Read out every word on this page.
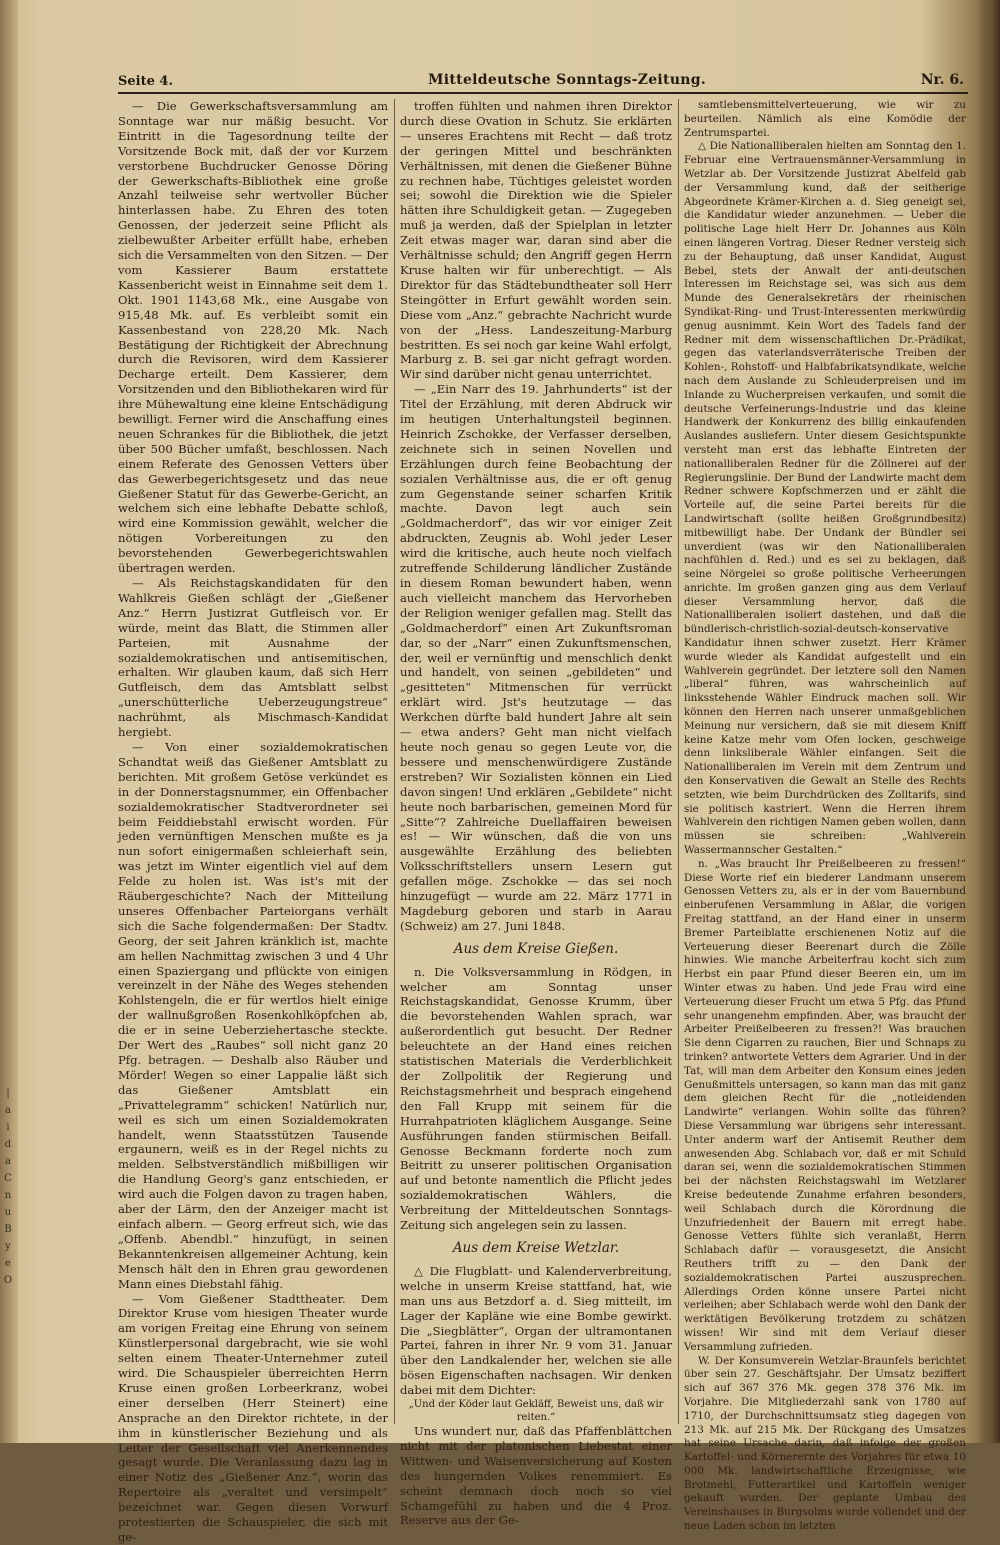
| a i d a C n u B y e O
Seite 4.	Mitteldeutsche Sonntags-Zeitung.	Nr. 6.

— Die Gewerkschaftsversammlung am Sonntage war nur mäßig besucht. Vor Eintritt in die Tagesordnung teilte der Vorsitzende Bock mit, daß der vor Kurzem verstorbene Buchdrucker Genosse Döring der Gewerkschafts-Bibliothek eine große Anzahl teilweise sehr wertvoller Bücher hinterlassen habe. Zu Ehren des toten Genossen, der jederzeit seine Pflicht als zielbewußter Arbeiter erfüllt habe, erheben sich die Versammelten von den Sitzen. — Der vom Kassierer Baum erstattete Kassenbericht weist in Einnahme seit dem 1. Okt. 1901 1143,68 Mk., eine Ausgabe von 915,48 Mk. auf. Es verbleibt somit ein Kassenbestand von 228,20 Mk. Nach Bestätigung der Richtigkeit der Abrechnung durch die Revisoren, wird dem Kassierer Decharge erteilt. Dem Kassierer, dem Vorsitzenden und den Bibliothekaren wird für ihre Mühewaltung eine kleine Entschädigung bewilligt. Ferner wird die Anschaffung eines neuen Schrankes für die Bibliothek, die jetzt über 500 Bücher umfaßt, beschlossen. Nach einem Referate des Genossen Vetters über das Gewerbegerichtsgesetz und das neue Gießener Statut für das Gewerbe-Gericht, an welchem sich eine lebhafte Debatte schloß, wird eine Kommission gewählt, welcher die nötigen Vorbereitungen zu den bevorstehenden Gewerbegerichtswahlen übertragen werden.

— Als Reichstagskandidaten für den Wahlkreis Gießen schlägt der „Gießener Anz.“ Herrn Justizrat Gutfleisch vor. Er würde, meint das Blatt, die Stimmen aller Parteien, mit Ausnahme der sozialdemokratischen und antisemitischen, erhalten. Wir glauben kaum, daß sich Herr Gutfleisch, dem das Amtsblatt selbst „unerschütterliche Ueberzeugungstreue“ nachrühmt, als Mischmasch-Kandidat hergiebt.

— Von einer sozialdemokratischen Schandtat weiß das Gießener Amtsblatt zu berichten. Mit großem Getöse verkündet es in der Donnerstagsnummer, ein Offenbacher sozialdemokratischer Stadtverordneter sei beim Feiddiebstahl erwischt worden. Für jeden vernünftigen Menschen mußte es ja nun sofort einigermaßen schleierhaft sein, was jetzt im Winter eigentlich viel auf dem Felde zu holen ist. Was ist's mit der Räubergeschichte? Nach der Mitteilung unseres Offenbacher Parteiorgans verhält sich die Sache folgendermaßen: Der Stadtv. Georg, der seit Jahren kränklich ist, machte am hellen Nachmittag zwischen 3 und 4 Uhr einen Spaziergang und pflückte von einigen vereinzelt in der Nähe des Weges stehenden Kohlstengeln, die er für wertlos hielt einige der wallnußgroßen Rosenkohlköpfchen ab, die er in seine Ueberziehertasche steckte. Der Wert des „Raubes“ soll nicht ganz 20 Pfg. betragen. — Deshalb also Räuber und Mörder! Wegen so einer Lappalie läßt sich das Gießener Amtsblatt ein „Privattelegramm“ schicken! Natürlich nur, weil es sich um einen Sozialdemokraten handelt, wenn Staatsstützen Tausende ergaunern, weiß es in der Regel nichts zu melden. Selbstverständlich mißbilligen wir die Handlung Georg's ganz entschieden, er wird auch die Folgen davon zu tragen haben, aber der Lärm, den der Anzeiger macht ist einfach albern. — Georg erfreut sich, wie das „Offenb. Abendbl.“ hinzufügt, in seinen Bekanntenkreisen allgemeiner Achtung, kein Mensch hält den in Ehren grau gewordenen Mann eines Diebstahl fähig.

— Vom Gießener Stadttheater. Dem Direktor Kruse vom hiesigen Theater wurde am vorigen Freitag eine Ehrung von seinem Künstlerpersonal dargebracht, wie sie wohl selten einem Theater-Unternehmer zuteil wird. Die Schauspieler überreichten Herrn Kruse einen großen Lorbeerkranz, wobei einer derselben (Herr Steinert) eine Ansprache an den Direktor richtete, in der ihm in künstlerischer Beziehung und als Leiter der Gesellschaft viel Anerkennendes gesagt wurde. Die Veranlassung dazu lag in einer Notiz des „Gießener Anz.“, worin das Repertoire als „veraltet und versimpelt“ bezeichnet war. Gegen diesen Vorwurf protestierten die Schauspieler, die sich mit ge-

troffen fühlten und nahmen ihren Direktor durch diese Ovation in Schutz. Sie erklärten — unseres Erachtens mit Recht — daß trotz der geringen Mittel und beschränkten Verhältnissen, mit denen die Gießener Bühne zu rechnen habe, Tüchtiges geleistet worden sei; sowohl die Direktion wie die Spieler hätten ihre Schuldigkeit getan. — Zugegeben muß ja werden, daß der Spielplan in letzter Zeit etwas mager war, daran sind aber die Verhältnisse schuld; den Angriff gegen Herrn Kruse halten wir für unberechtigt. — Als Direktor für das Städtebundtheater soll Herr Steingötter in Erfurt gewählt worden sein. Diese vom „Anz.“ gebrachte Nachricht wurde von der „Hess. Landeszeitung-Marburg bestritten. Es sei noch gar keine Wahl erfolgt, Marburg z. B. sei gar nicht gefragt worden. Wir sind darüber nicht genau unterrichtet.

— „Ein Narr des 19. Jahrhunderts“ ist der Titel der Erzählung, mit deren Abdruck wir im heutigen Unterhaltungsteil beginnen. Heinrich Zschokke, der Verfasser derselben, zeichnete sich in seinen Novellen und Erzählungen durch feine Beobachtung der sozialen Verhältnisse aus, die er oft genug zum Gegenstande seiner scharfen Kritik machte. Davon legt auch sein „Goldmacherdorf“, das wir vor einiger Zeit abdruckten, Zeugnis ab. Wohl jeder Leser wird die kritische, auch heute noch vielfach zutreffende Schilderung ländlicher Zustände in diesem Roman bewundert haben, wenn auch vielleicht manchem das Hervorheben der Religion weniger gefallen mag. Stellt das „Goldmacherdorf“ einen Art Zukunftsroman dar, so der „Narr“ einen Zukunftsmenschen, der, weil er vernünftig und menschlich denkt und handelt, von seinen „gebildeten“ und „gesitteten“ Mitmenschen für verrückt erklärt wird. Jst's heutzutage — das Werkchen dürfte bald hundert Jahre alt sein — etwa anders? Geht man nicht vielfach heute noch genau so gegen Leute vor, die bessere und menschenwürdigere Zustände erstreben? Wir Sozialisten können ein Lied davon singen! Und erklären „Gebildete“ nicht heute noch barbarischen, gemeinen Mord für „Sitte“? Zahlreiche Duellaffairen beweisen es! — Wir wünschen, daß die von uns ausgewählte Erzählung des beliebten Volksschriftstellers unsern Lesern gut gefallen möge. Zschokke — das sei noch hinzugefügt — wurde am 22. März 1771 in Magdeburg geboren und starb in Aarau (Schweiz) am 27. Juni 1848.

Aus dem Kreise Gießen.

n. Die Volksversammlung in Rödgen, in welcher am Sonntag unser Reichstagskandidat, Genosse Krumm, über die bevorstehenden Wahlen sprach, war außerordentlich gut besucht. Der Redner beleuchtete an der Hand eines reichen statistischen Materials die Verderblichkeit der Zollpolitik der Regierung und Reichstagsmehrheit und besprach eingehend den Fall Krupp mit seinem für die Hurrahpatrioten kläglichem Ausgange. Seine Ausführungen fanden stürmischen Beifall. Genosse Beckmann forderte noch zum Beitritt zu unserer politischen Organisation auf und betonte namentlich die Pflicht jedes sozialdemokratischen Wählers, die Verbreitung der Mitteldeutschen Sonntags-Zeitung sich angelegen sein zu lassen.

Aus dem Kreise Wetzlar.

△ Die Flugblatt- und Kalenderverbreitung, welche in unserm Kreise stattfand, hat, wie man uns aus Betzdorf a. d. Sieg mitteilt, im Lager der Kapläne wie eine Bombe gewirkt. Die „Siegblätter“, Organ der ultramontanen Partei, fahren in ihrer Nr. 9 vom 31. Januar über den Landkalender her, welchen sie alle bösen Eigenschaften nachsagen. Wir denken dabei mit dem Dichter:

„Und der Köder laut Gekläff, Beweist uns, daß wir reiten.“

Uns wundert nur, daß das Pfaffenblättchen nicht mit der platonischen Liebestat einer Wittwen- und Waisenversicherung auf Kosten des hungernden Volkes renommiert. Es scheint demnach doch noch so viel Schamgefühl zu haben und die 4 Proz. Reserve aus der Ge-

samtlebensmittelverteuerung, wie wir zu beurteilen. Nämlich als eine Komödie der Zentrumspartei.

△ Die Nationalliberalen hielten am Sonntag den 1. Februar eine Vertrauensmänner-Versammlung in Wetzlar ab. Der Vorsitzende Justizrat Abelfeld gab der Versammlung kund, daß der seitherige Abgeordnete Krämer-Kirchen a. d. Sieg geneigt sei, die Kandidatur wieder anzunehmen. — Ueber die politische Lage hielt Herr Dr. Johannes aus Köln einen längeren Vortrag. Dieser Redner versteig sich zu der Behauptung, daß unser Kandidat, August Bebel, stets der Anwalt der anti-deutschen Interessen im Reichstage sei, was sich aus dem Munde des Generalsekretärs der rheinischen Syndikat-Ring- und Trust-Interessenten merkwürdig genug ausnimmt. Kein Wort des Tadels fand der Redner mit dem wissenschaftlichen Dr.-Prädikat, gegen das vaterlandsverräterische Treiben der Kohlen-, Rohstoff- und Halbfabrikatsyndikate, welche nach dem Auslande zu Schleuderpreisen und im Inlande zu Wucherpreisen verkaufen, und somit die deutsche Verfeinerungs-Industrie und das kleine Handwerk der Konkurrenz des billig einkaufenden Auslandes ausliefern. Unter diesem Gesichtspunkte versteht man erst das lebhafte Eintreten der nationalliberalen Redner für die Zöllnerei auf der Regierungslinie. Der Bund der Landwirte macht dem Redner schwere Kopfschmerzen und er zählt die Vorteile auf, die seine Partei bereits für die Landwirtschaft (sollte heißen Großgrundbesitz) mitbewilligt habe. Der Undank der Bündler sei unverdient (was wir den Nationalliberalen nachfühlen d. Red.) und es sei zu beklagen, daß seine Nörgelei so große politische Verheerungen anrichte. Im großen ganzen ging aus dem Verlauf dieser Versammlung hervor, daß die Nationalliberalen isoliert dastehen, und daß die bündlerisch-christlich-sozial-deutsch-konservative Kandidatur ihnen schwer zusetzt. Herr Krämer wurde wieder als Kandidat aufgestellt und ein Wahlverein gegründet. Der letztere soll den Namen „liberal“ führen, was wahrscheinlich auf linksstehende Wähler Eindruck machen soll. Wir können den Herren nach unserer unmaßgeblichen Meinung nur versichern, daß sie mit diesem Kniff keine Katze mehr vom Ofen locken, geschweige denn linksliberale Wähler einfangen. Seit die Nationalliberalen im Verein mit dem Zentrum und den Konservativen die Gewalt an Stelle des Rechts setzten, wie beim Durchdrücken des Zolltarifs, sind sie politisch kastriert. Wenn die Herren ihrem Wahlverein den richtigen Namen geben wollen, dann müssen sie schreiben: „Wahlverein Wassermannscher Gestalten.“

n. „Was braucht Ihr Preißelbeeren zu fressen!“ Diese Worte rief ein biederer Landmann unserem Genossen Vetters zu, als er in der vom Bauernbund einberufenen Versammlung in Aßlar, die vorigen Freitag stattfand, an der Hand einer in unserm Bremer Parteiblatte erschienenen Notiz auf die Verteuerung dieser Beerenart durch die Zölle hinwies. Wie manche Arbeiterfrau kocht sich zum Herbst ein paar Pfund dieser Beeren ein, um im Winter etwas zu haben. Und jede Frau wird eine Verteuerung dieser Frucht um etwa 5 Pfg. das Pfund sehr unangenehm empfinden. Aber, was braucht der Arbeiter Preißelbeeren zu fressen?! Was brauchen Sie denn Cigarren zu rauchen, Bier und Schnaps zu trinken? antwortete Vetters dem Agrarier. Und in der Tat, will man dem Arbeiter den Konsum eines jeden Genußmittels untersagen, so kann man das mit ganz dem gleichen Recht für die „notleidenden Landwirte“ verlangen. Wohin sollte das führen? Diese Versammlung war übrigens sehr interessant. Unter anderm warf der Antisemit Reuther dem anwesenden Abg. Schlabach vor, daß er mit Schuld daran sei, wenn die sozialdemokratischen Stimmen bei der nächsten Reichstagswahl im Wetzlarer Kreise bedeutende Zunahme erfahren besonders, weil Schlabach durch die Körordnung die Unzufriedenheit der Bauern mit erregt habe. Genosse Vetters fühlte sich veranlaßt, Herrn Schlabach dafür — vorausgesetzt, die Ansicht Reuthers trifft zu — den Dank der sozialdemokratischen Partei auszusprechen. Allerdings Orden könne unsere Partei nicht verleihen; aber Schlabach werde wohl den Dank der werktätigen Bevölkerung trotzdem zu schätzen wissen! Wir sind mit dem Verlauf dieser Versammlung zufrieden.

W. Der Konsumverein Wetzlar-Braunfels berichtet über sein 27. Geschäftsjahr. Der Umsatz beziffert sich auf 367 376 Mk. gegen 378 376 Mk. im Vorjahre. Die Mitgliederzahl sank von 1780 auf 1710, der Durchschnittsumsatz stieg dagegen von 213 Mk. auf 215 Mk. Der Rückgang des Umsatzes hat seine Ursache darin, daß infolge der großen Kartoffel- und Körnerernte des Vorjahres für etwa 10 000 Mk. landwirtschaftliche Erzeugnisse, wie Brotmehl, Futterartikel und Kartoffeln weniger gekauft wurden. Der geplante Umbau des Vereinshauses in Burgsolms wurde vollendet und der neue Laden schon im letzten
